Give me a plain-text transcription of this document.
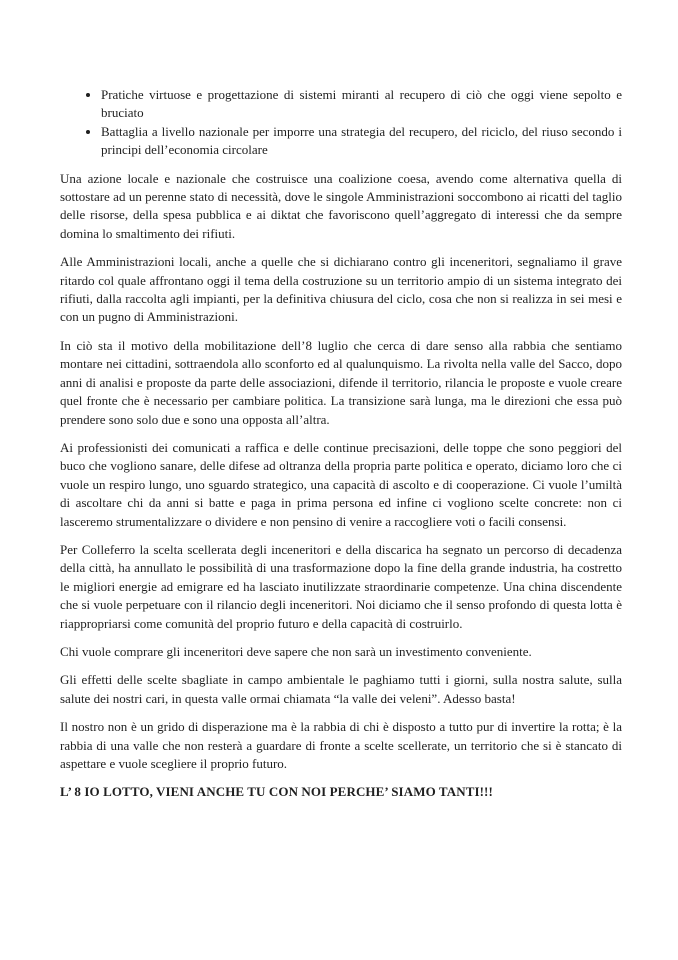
• Pratiche virtuose e progettazione di sistemi miranti al recupero di ciò che oggi viene sepolto e bruciato
• Battaglia a livello nazionale per imporre una strategia del recupero, del riciclo, del riuso secondo i principi dell’economia circolare

Una azione locale e nazionale che costruisce una coalizione coesa, avendo come alternativa quella di sottostare ad un perenne stato di necessità, dove le singole Amministrazioni soccombono ai ricatti del taglio delle risorse, della spesa pubblica e ai diktat che favoriscono quell’aggregato di interessi che da sempre domina lo smaltimento dei rifiuti.

Alle Amministrazioni locali, anche a quelle che si dichiarano contro gli inceneritori, segnaliamo il grave ritardo col quale affrontano oggi il tema della costruzione su un territorio ampio di un sistema integrato dei rifiuti, dalla raccolta agli impianti, per la definitiva chiusura del ciclo, cosa che non si realizza in sei mesi e con un pugno di Amministrazioni.

In ciò sta il motivo della mobilitazione dell’8 luglio che cerca di dare senso alla rabbia che sentiamo montare nei cittadini, sottraendola allo sconforto ed al qualunquismo. La rivolta nella valle del Sacco, dopo anni di analisi e proposte da parte delle associazioni, difende il territorio, rilancia le proposte e vuole creare quel fronte che è necessario per cambiare politica. La transizione sarà lunga, ma le direzioni che essa può prendere sono solo due e sono una opposta all’altra.

Ai professionisti dei comunicati a raffica e delle continue precisazioni, delle toppe che sono peggiori del buco che vogliono sanare, delle difese ad oltranza della propria parte politica e operato, diciamo loro che ci vuole un respiro lungo, uno sguardo strategico, una capacità di ascolto e di cooperazione. Ci vuole l’umiltà di ascoltare chi da anni si batte e paga in prima persona ed infine ci vogliono scelte concrete: non ci lasceremo strumentalizzare o dividere e non pensino di venire a raccogliere voti o facili consensi.

Per Colleferro la scelta scellerata degli inceneritori e della discarica ha segnato un percorso di decadenza della città, ha annullato le possibilità di una trasformazione dopo la fine della grande industria, ha costretto le migliori energie ad emigrare ed ha lasciato inutilizzate straordinarie competenze. Una china discendente che si vuole perpetuare con il rilancio degli inceneritori. Noi diciamo che il senso profondo di questa lotta è riappropriarsi come comunità del proprio futuro e della capacità di costruirlo.

Chi vuole comprare gli inceneritori deve sapere che non sarà un investimento conveniente.

Gli effetti delle scelte sbagliate in campo ambientale le paghiamo tutti i giorni, sulla nostra salute, sulla salute dei nostri cari, in questa valle ormai chiamata “la valle dei veleni”. Adesso basta!

Il nostro non è un grido di disperazione ma è la rabbia di chi è disposto a tutto pur di invertire la rotta; è la rabbia di una valle che non resterà a guardare di fronte a scelte scellerate, un territorio che si è stancato di aspettare e vuole scegliere il proprio futuro.

L’ 8 IO LOTTO, VIENI ANCHE TU CON NOI PERCHE’ SIAMO TANTI!!!
